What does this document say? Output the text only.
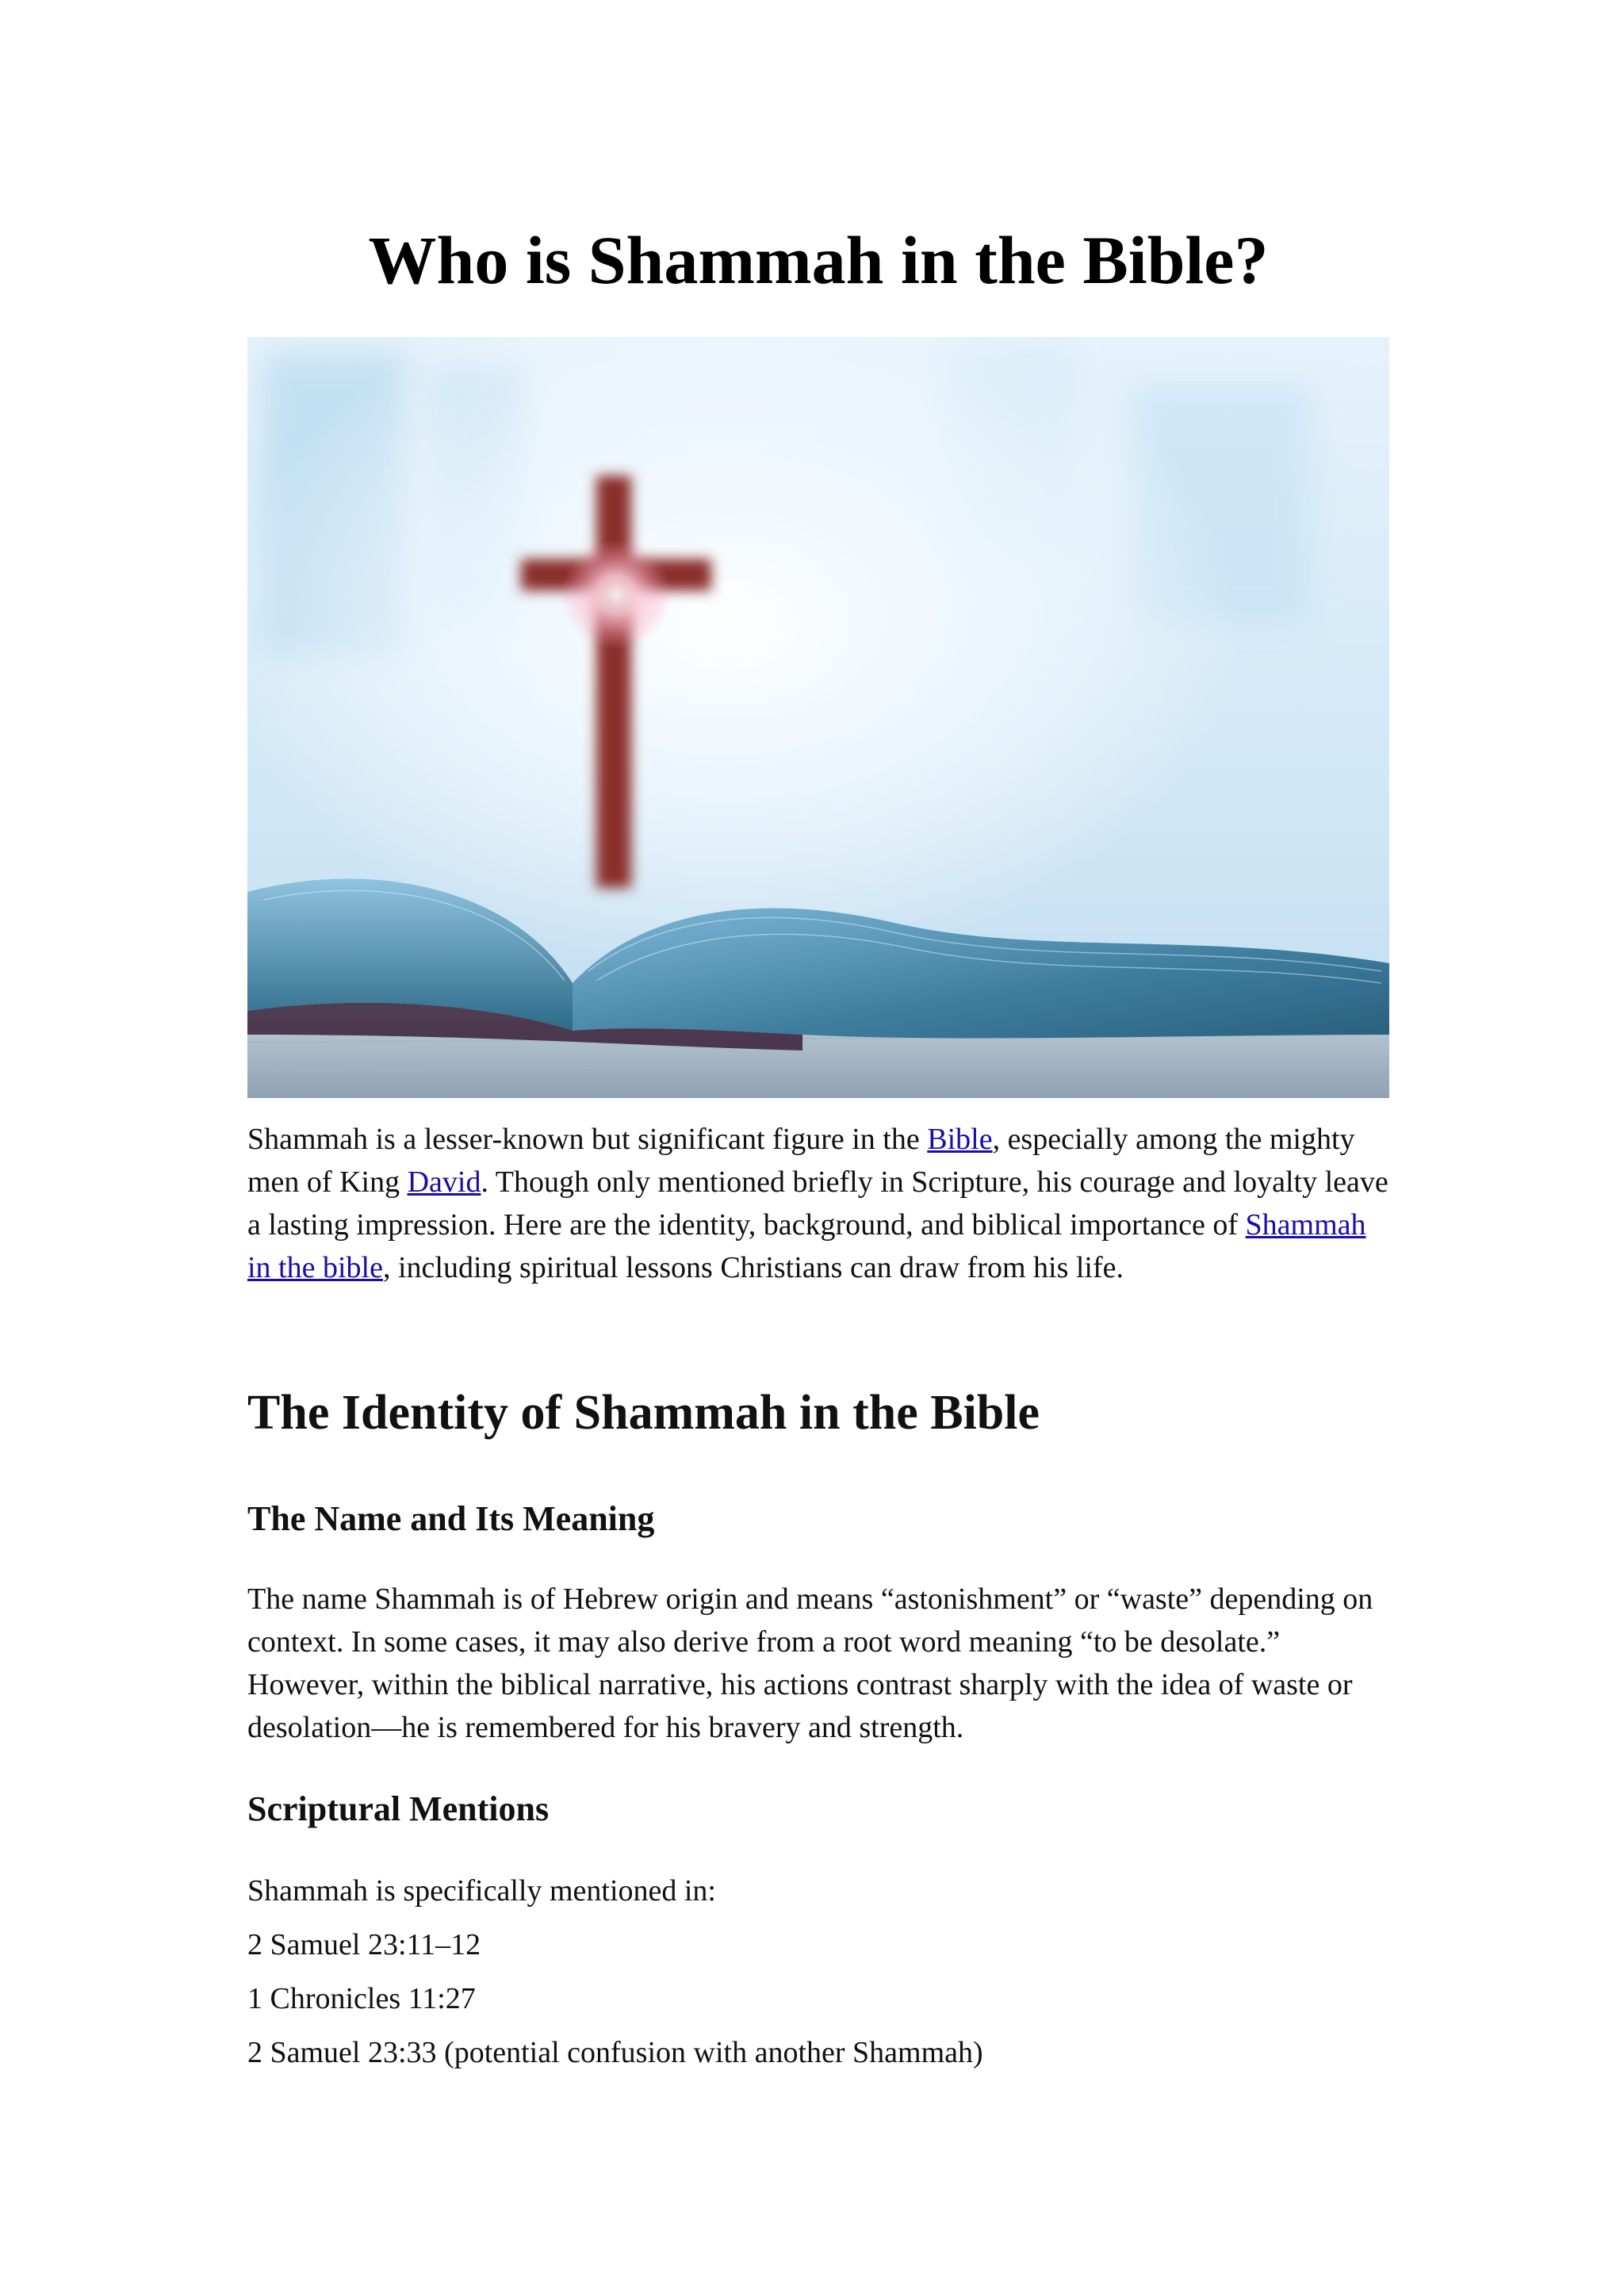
Who is Shammah in the Bible?

Shammah is a lesser-known but significant figure in the Bible, especially among the mighty men of King David. Though only mentioned briefly in Scripture, his courage and loyalty leave a lasting impression. Here are the identity, background, and biblical importance of Shammah in the bible, including spiritual lessons Christians can draw from his life.

The Identity of Shammah in the Bible
The Name and Its Meaning

The name Shammah is of Hebrew origin and means “astonishment” or “waste” depending on context. In some cases, it may also derive from a root word meaning “to be desolate.” However, within the biblical narrative, his actions contrast sharply with the idea of waste or desolation—he is remembered for his bravery and strength.

Scriptural Mentions

Shammah is specifically mentioned in:

2 Samuel 23:11–12
1 Chronicles 11:27
2 Samuel 23:33 (potential confusion with another Shammah)
